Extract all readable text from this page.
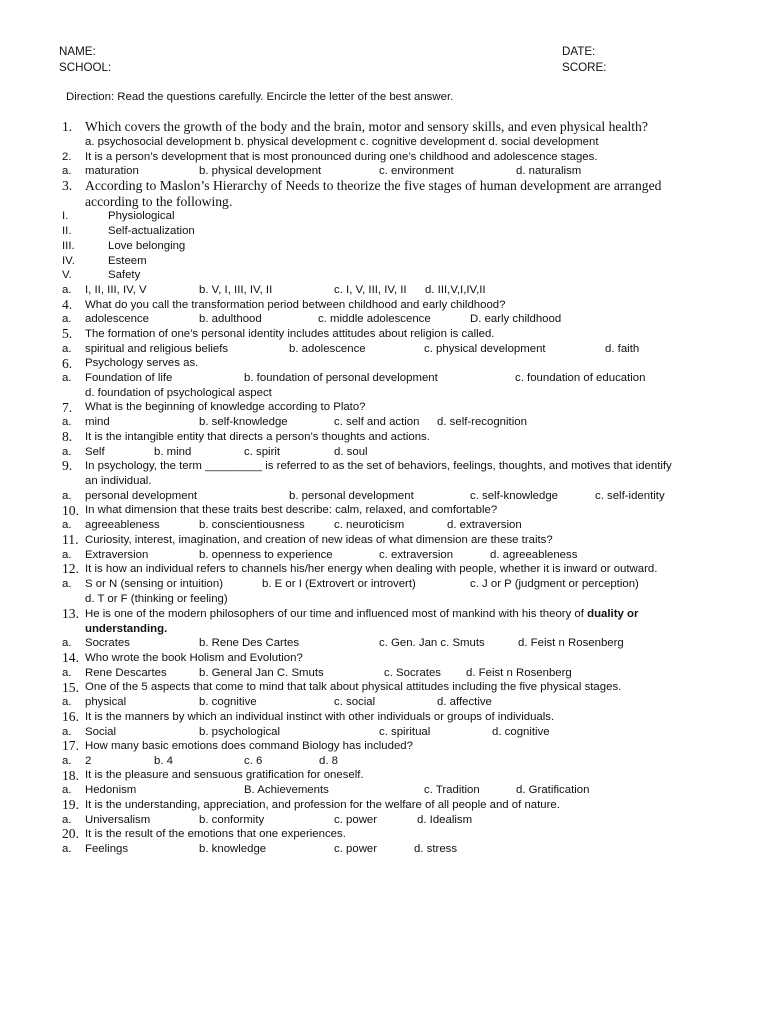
NAME:
SCHOOL:
DATE:
SCORE:
Direction: Read the questions carefully. Encircle the letter of the best answer.
1. Which covers the growth of the body and the brain, motor and sensory skills, and even physical health?
a. psychosocial development b. physical development c. cognitive development d. social development
2. It is a person’s development that is most pronounced during one’s childhood and adolescence stages.
a. maturation	b. physical development	c. environment	d. naturalism
3. According to Maslon’s Hierarchy of Needs to theorize the five stages of human development are arranged
according to the following.
I.	Physiological
II.	Self-actualization
III.	Love belonging
IV.	Esteem
V.	Safety
a. I, II, III, IV, V	b. V, I, III, IV, II	c. I, V, III, IV, II d. III,V,I,IV,II
4. What do you call the transformation period between childhood and early childhood?
a. adolescence	b. adulthood	c. middle adolescence	D. early childhood
5. The formation of one’s personal identity includes attitudes about religion is called.
a. spiritual and religious beliefs	b. adolescence	c. physical development	d. faith
6. Psychology serves as.
a. Foundation of life	b. foundation of personal development	c. foundation of education
d. foundation of psychological aspect
7. What is the beginning of knowledge according to Plato?
a. mind	b. self-knowledge	c. self and action d. self-recognition
8. It is the intangible entity that directs a person’s thoughts and actions.
a. Self	b. mind	c. spirit	d. soul
9. In psychology, the term _________ is referred to as the set of behaviors, feelings, thoughts, and motives that identify
an individual.
a. personal development	b. personal development	c. self-knowledge	c. self-identity
10. In what dimension that these traits best describe: calm, relaxed, and comfortable?
a. agreeableness	b. conscientiousness	c. neuroticism	d. extraversion
11. Curiosity, interest, imagination, and creation of new ideas of what dimension are these traits?
a. Extraversion	b. openness to experience	c. extraversion	d. agreeableness
12. It is how an individual refers to channels his/her energy when dealing with people, whether it is inward or outward.
a. S or N (sensing or intuition)	b. E or I (Extrovert or introvert)	c. J or P (judgment or perception)
d. T or F (thinking or feeling)
13. He is one of the modern philosophers of our time and influenced most of mankind with his theory of duality or
understanding.
a. Socrates	b. Rene Des Cartes	c. Gen. Jan c. Smuts	d. Feist n Rosenberg
14. Who wrote the book Holism and Evolution?
a. Rene Descartes	b. General Jan C. Smuts	c. Socrates d. Feist n Rosenberg
15. One of the 5 aspects that come to mind that talk about physical attitudes including the five physical stages.
a. physical	b. cognitive	c. social	d. affective
16. It is the manners by which an individual instinct with other individuals or groups of individuals.
a. Social	b. psychological	c. spiritual	d. cognitive
17. How many basic emotions does command Biology has included?
a. 2	b. 4	c. 6	d. 8
18. It is the pleasure and sensuous gratification for oneself.
a. Hedonism	B. Achievements	c. Tradition	d. Gratification
19. It is the understanding, appreciation, and profession for the welfare of all people and of nature.
a. Universalism	b. conformity	c. power	d. Idealism
20. It is the result of the emotions that one experiences.
a. Feelings	b. knowledge	c. power	d. stress
